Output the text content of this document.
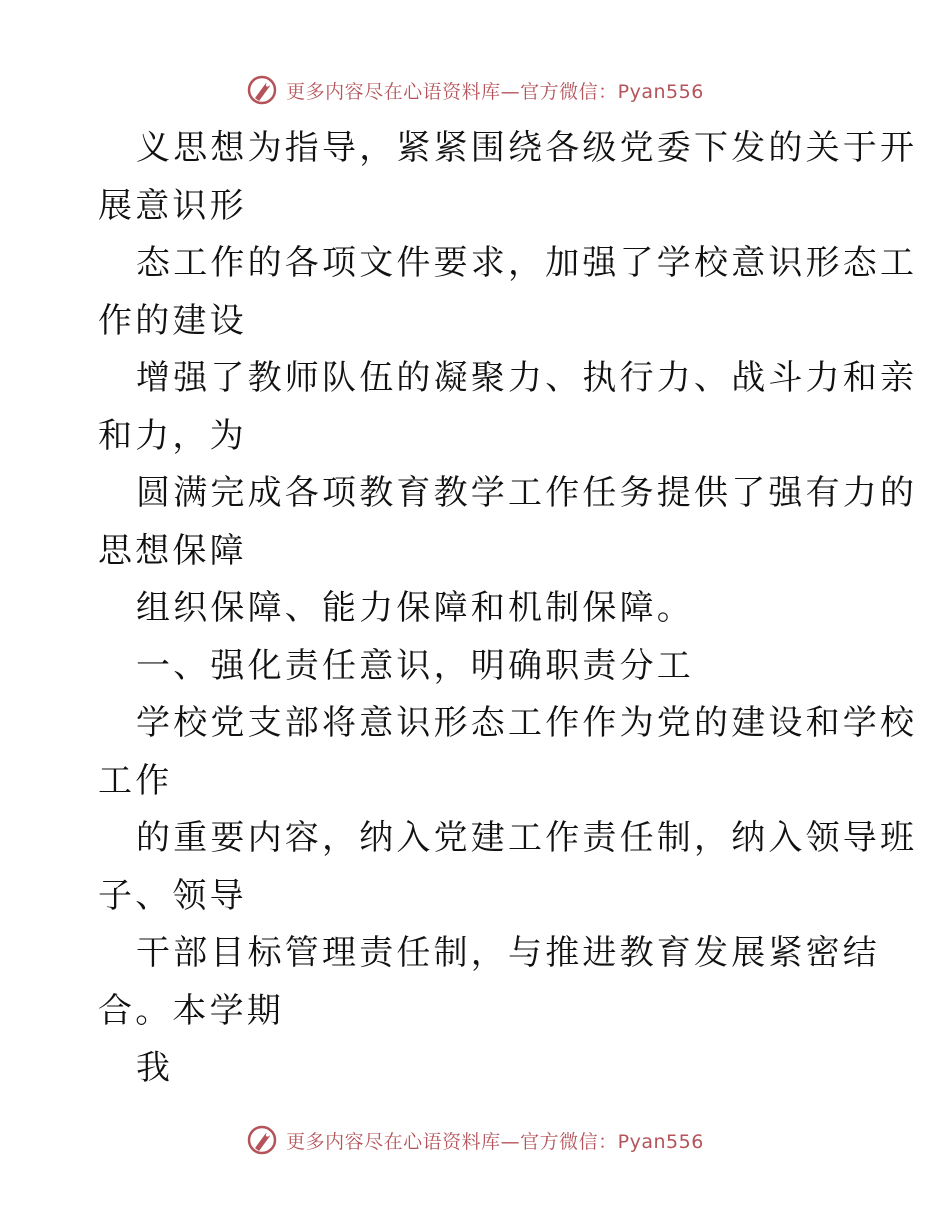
更多内容尽在心语资料库—官方微信：Pyan556
义思想为指导，紧紧围绕各级党委下发的关于开
展意识形
态工作的各项文件要求，加强了学校意识形态工
作的建设
增强了教师队伍的凝聚力、执行力、战斗力和亲
和力，为
圆满完成各项教育教学工作任务提供了强有力的
思想保障
组织保障、能力保障和机制保障。
一、强化责任意识，明确职责分工
学校党支部将意识形态工作作为党的建设和学校
工作
的重要内容，纳入党建工作责任制，纳入领导班
子、领导
干部目标管理责任制，与推进教育发展紧密结
合。本学期
我
更多内容尽在心语资料库—官方微信：Pyan556
